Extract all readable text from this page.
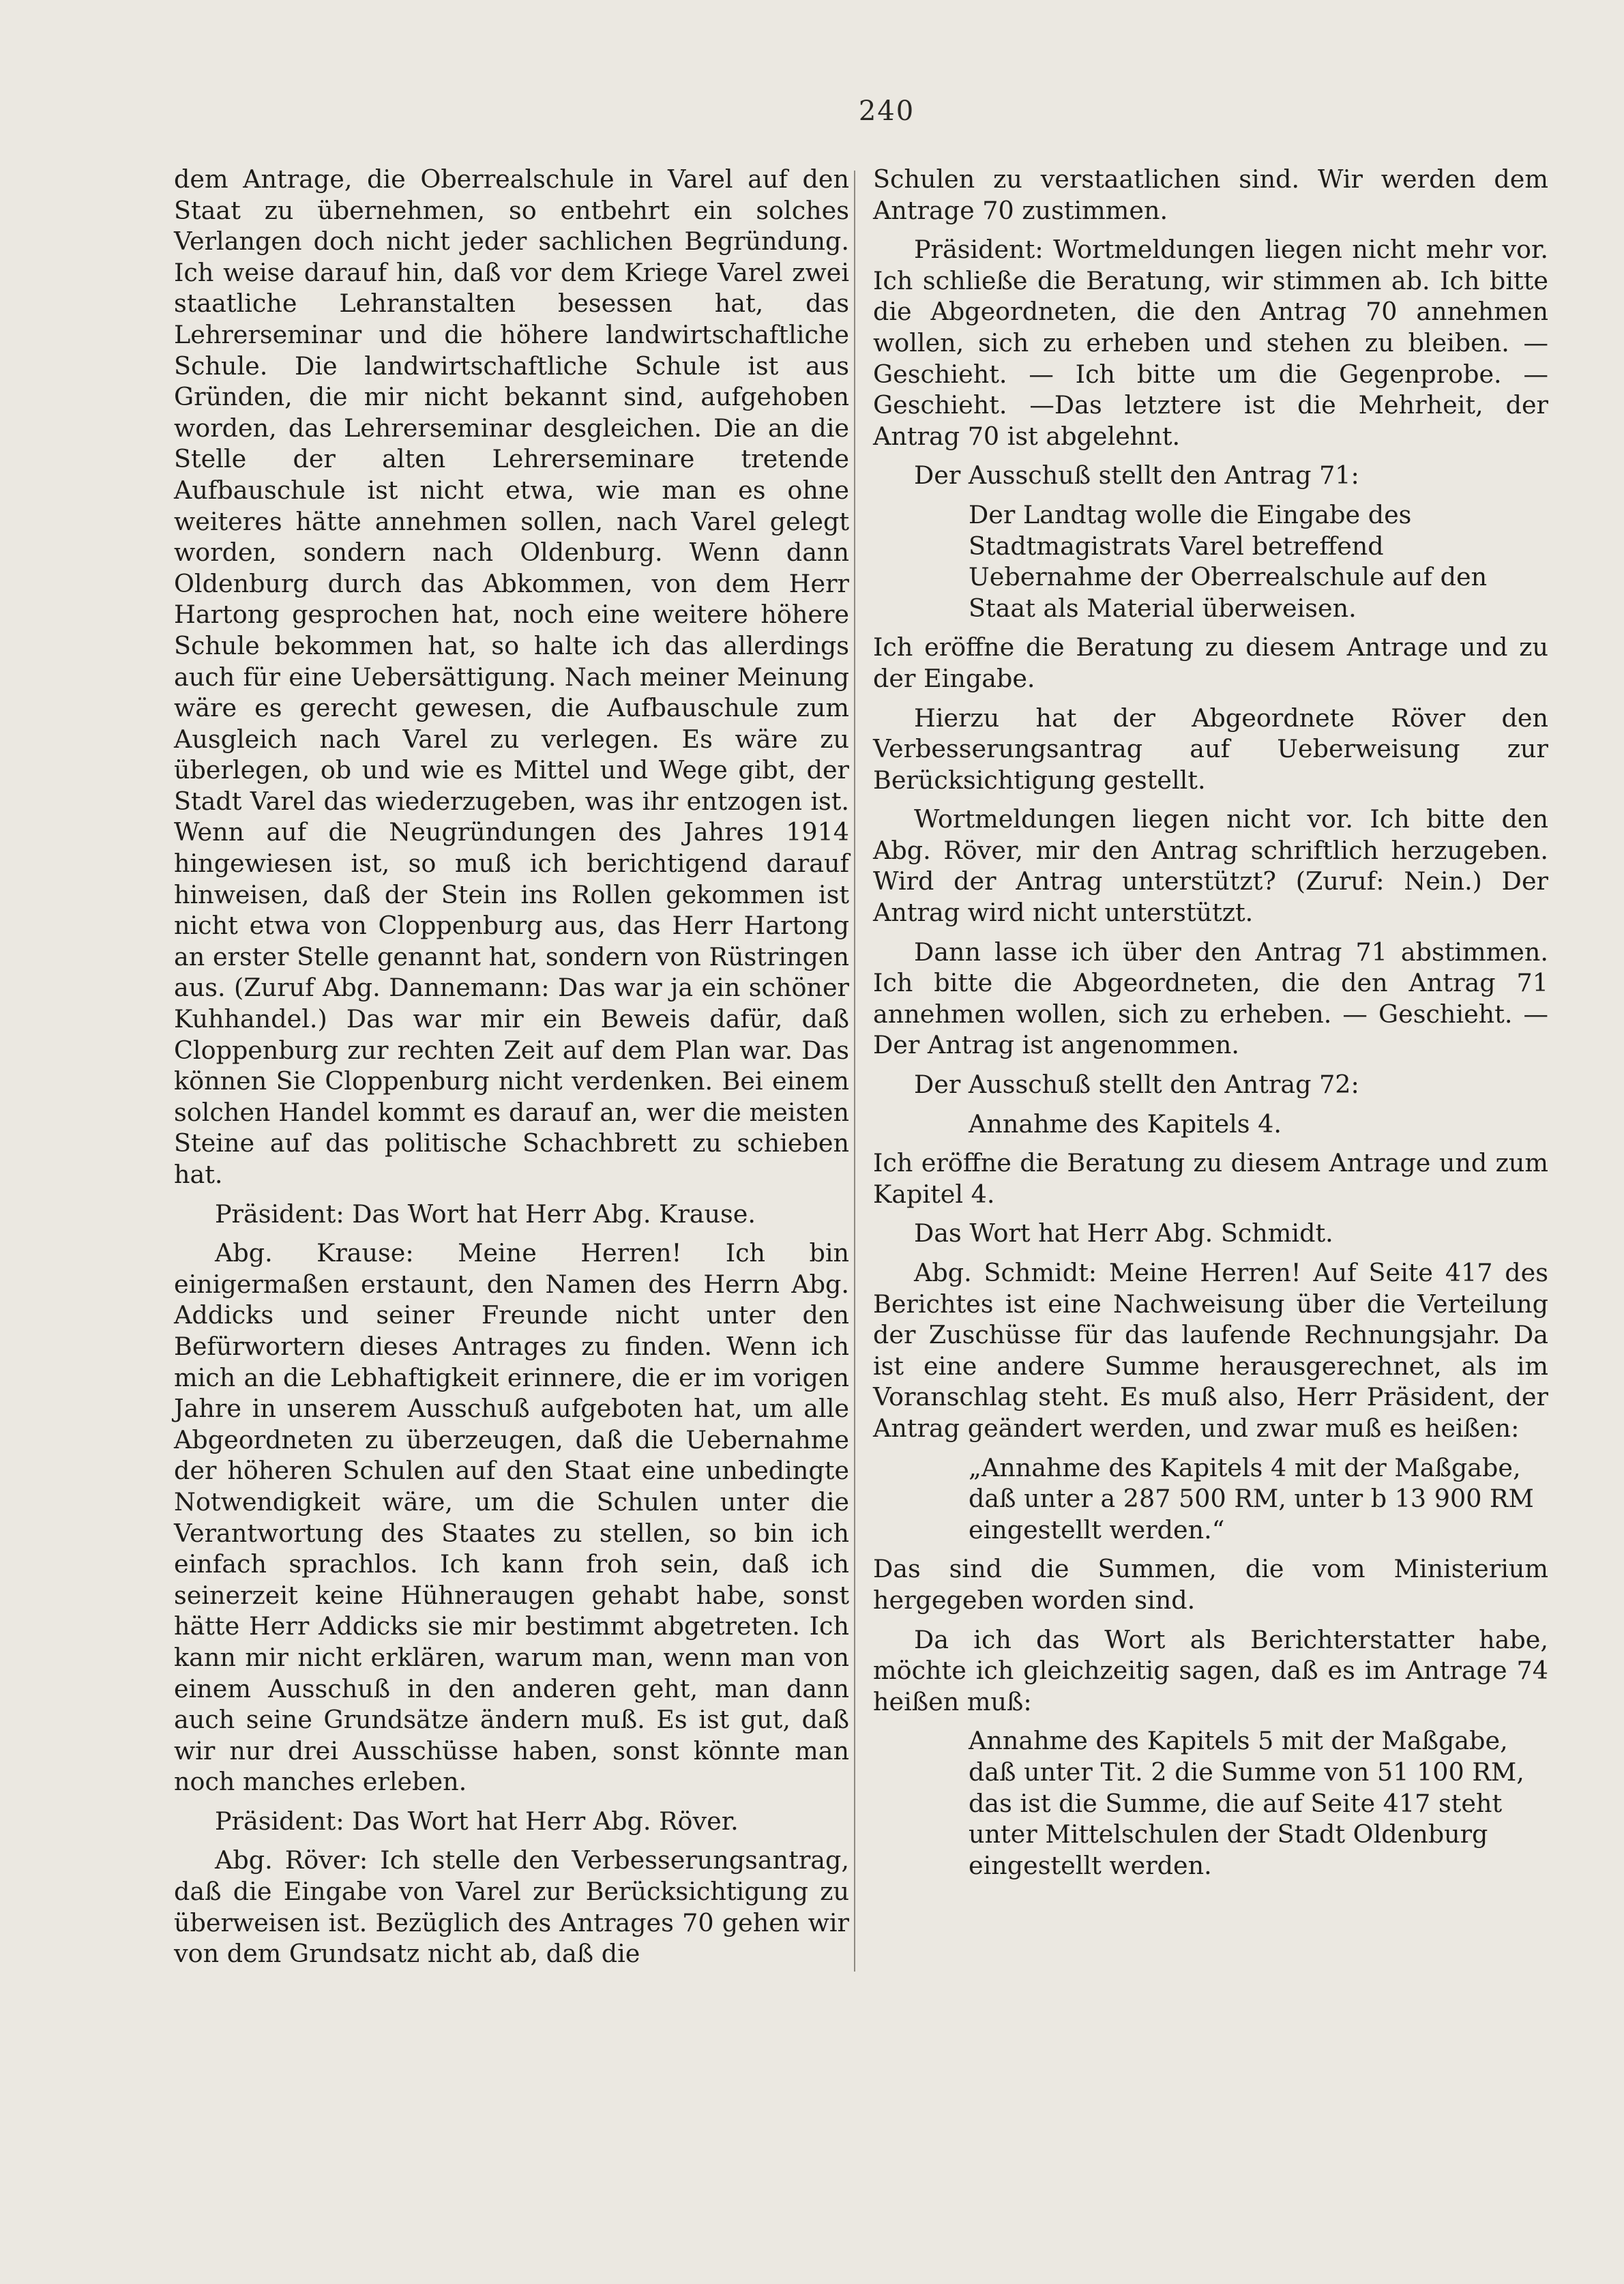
240

dem Antrage, die Oberrealschule in Varel auf den Staat zu übernehmen, so entbehrt ein solches Verlangen doch nicht jeder sachlichen Begründung. Ich weise darauf hin, daß vor dem Kriege Varel zwei staatliche Lehranstalten besessen hat, das Lehrerseminar und die höhere landwirtschaftliche Schule. Die landwirtschaftliche Schule ist aus Gründen, die mir nicht bekannt sind, aufgehoben worden, das Lehrerseminar desgleichen. Die an die Stelle der alten Lehrerseminare tretende Aufbauschule ist nicht etwa, wie man es ohne weiteres hätte annehmen sollen, nach Varel gelegt worden, sondern nach Oldenburg. Wenn dann Oldenburg durch das Abkommen, von dem Herr Hartong gesprochen hat, noch eine weitere höhere Schule bekommen hat, so halte ich das allerdings auch für eine Uebersättigung. Nach meiner Meinung wäre es gerecht gewesen, die Aufbauschule zum Ausgleich nach Varel zu verlegen. Es wäre zu überlegen, ob und wie es Mittel und Wege gibt, der Stadt Varel das wiederzugeben, was ihr entzogen ist. Wenn auf die Neugründungen des Jahres 1914 hingewiesen ist, so muß ich berichtigend darauf hinweisen, daß der Stein ins Rollen gekommen ist nicht etwa von Cloppenburg aus, das Herr Hartong an erster Stelle genannt hat, sondern von Rüstringen aus. (Zuruf Abg. Dannemann: Das war ja ein schöner Kuhhandel.) Das war mir ein Beweis dafür, daß Cloppenburg zur rechten Zeit auf dem Plan war. Das können Sie Cloppenburg nicht verdenken. Bei einem solchen Handel kommt es darauf an, wer die meisten Steine auf das politische Schachbrett zu schieben hat.

Präsident: Das Wort hat Herr Abg. Krause.

Abg. Krause: Meine Herren! Ich bin einigermaßen erstaunt, den Namen des Herrn Abg. Addicks und seiner Freunde nicht unter den Befürwortern dieses Antrages zu finden. Wenn ich mich an die Lebhaftigkeit erinnere, die er im vorigen Jahre in unserem Ausschuß aufgeboten hat, um alle Abgeordneten zu überzeugen, daß die Uebernahme der höheren Schulen auf den Staat eine unbedingte Notwendigkeit wäre, um die Schulen unter die Verantwortung des Staates zu stellen, so bin ich einfach sprachlos. Ich kann froh sein, daß ich seinerzeit keine Hühneraugen gehabt habe, sonst hätte Herr Addicks sie mir bestimmt abgetreten. Ich kann mir nicht erklären, warum man, wenn man von einem Ausschuß in den anderen geht, man dann auch seine Grundsätze ändern muß. Es ist gut, daß wir nur drei Ausschüsse haben, sonst könnte man noch manches erleben.

Präsident: Das Wort hat Herr Abg. Röver.

Abg. Röver: Ich stelle den Verbesserungsantrag, daß die Eingabe von Varel zur Berücksichtigung zu überweisen ist. Bezüglich des Antrages 70 gehen wir von dem Grundsatz nicht ab, daß die

Schulen zu verstaatlichen sind. Wir werden dem Antrage 70 zustimmen.

Präsident: Wortmeldungen liegen nicht mehr vor. Ich schließe die Beratung, wir stimmen ab. Ich bitte die Abgeordneten, die den Antrag 70 annehmen wollen, sich zu erheben und stehen zu bleiben. — Geschieht. — Ich bitte um die Gegenprobe. — Geschieht. —Das letztere ist die Mehrheit, der Antrag 70 ist abgelehnt.

Der Ausschuß stellt den Antrag 71:

Der Landtag wolle die Eingabe des Stadtmagistrats Varel betreffend Uebernahme der Oberrealschule auf den Staat als Material überweisen.

Ich eröffne die Beratung zu diesem Antrage und zu der Eingabe.

Hierzu hat der Abgeordnete Röver den Verbesserungsantrag auf Ueberweisung zur Berücksichtigung gestellt.

Wortmeldungen liegen nicht vor. Ich bitte den Abg. Röver, mir den Antrag schriftlich herzugeben. Wird der Antrag unterstützt? (Zuruf: Nein.) Der Antrag wird nicht unterstützt.

Dann lasse ich über den Antrag 71 abstimmen. Ich bitte die Abgeordneten, die den Antrag 71 annehmen wollen, sich zu erheben. — Geschieht. — Der Antrag ist angenommen.

Der Ausschuß stellt den Antrag 72:

Annahme des Kapitels 4.

Ich eröffne die Beratung zu diesem Antrage und zum Kapitel 4.

Das Wort hat Herr Abg. Schmidt.

Abg. Schmidt: Meine Herren! Auf Seite 417 des Berichtes ist eine Nachweisung über die Verteilung der Zuschüsse für das laufende Rechnungsjahr. Da ist eine andere Summe herausgerechnet, als im Voranschlag steht. Es muß also, Herr Präsident, der Antrag geändert werden, und zwar muß es heißen:

„Annahme des Kapitels 4 mit der Maßgabe, daß unter a 287 500 RM, unter b 13 900 RM eingestellt werden.“

Das sind die Summen, die vom Ministerium hergegeben worden sind.

Da ich das Wort als Berichterstatter habe, möchte ich gleichzeitig sagen, daß es im Antrage 74 heißen muß:

Annahme des Kapitels 5 mit der Maßgabe, daß unter Tit. 2 die Summe von 51 100 RM, das ist die Summe, die auf Seite 417 steht unter Mittelschulen der Stadt Oldenburg eingestellt werden.
